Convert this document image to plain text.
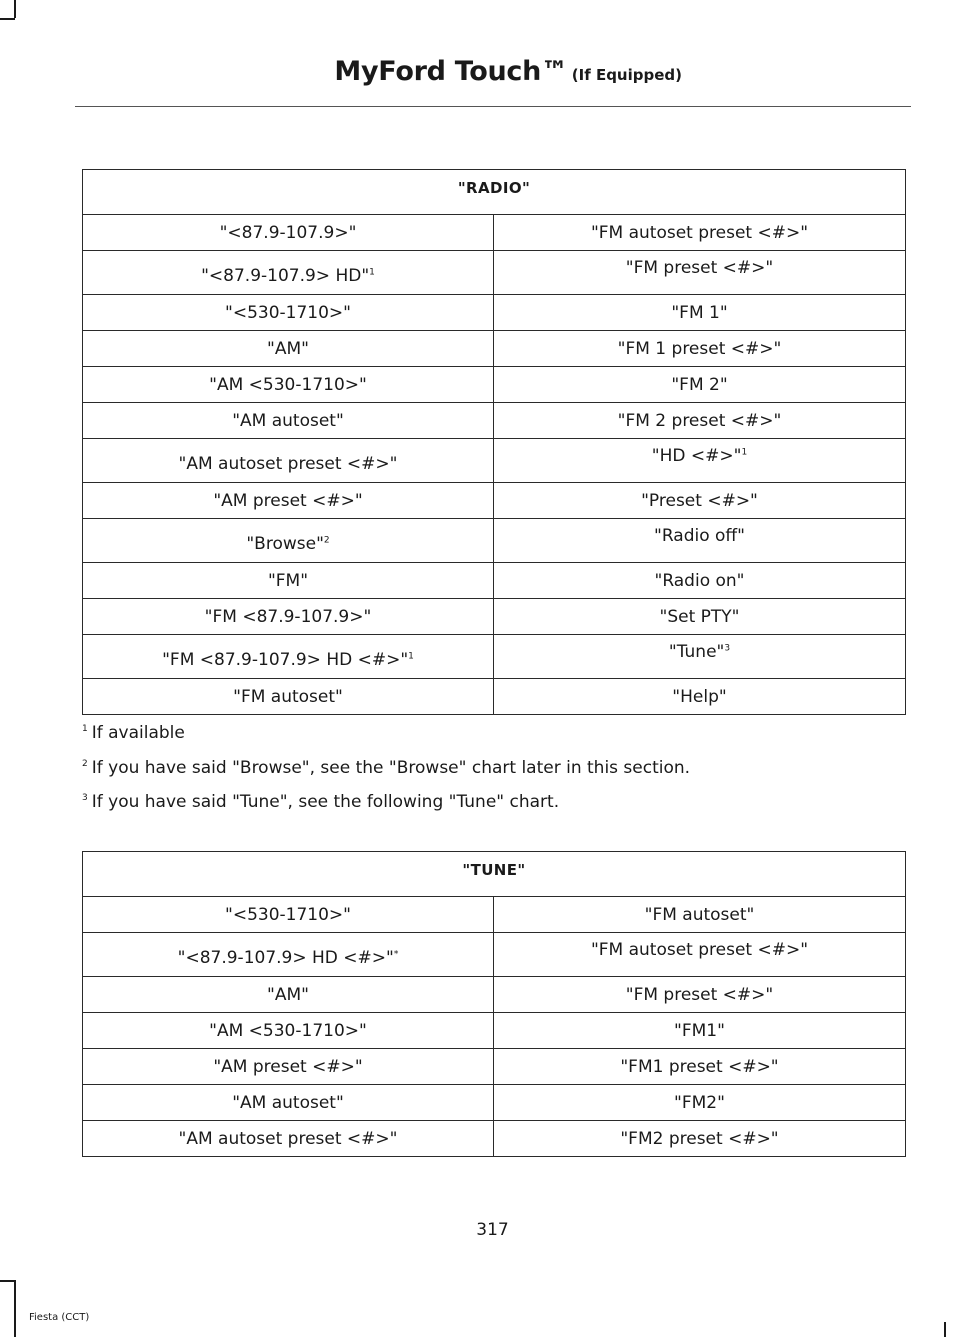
MyFord Touch™ (If Equipped)
"RADIO"	
"<87.9-107.9>"	"FM autoset preset <#>"
"<87.9-107.9> HD"$^1$	"FM preset <#>"
"<530-1710>"	"FM 1"
"AM"	"FM 1 preset <#>"
"AM <530-1710>"	"FM 2"
"AM autoset"	"FM 2 preset <#>"
"AM autoset preset <#>"	"HD <#>"$^1$
"AM preset <#>"	"Preset <#>"
"Browse"$^2$	"Radio off"
"FM"	"Radio on"
"FM <87.9-107.9>"	"Set PTY"
"FM <87.9-107.9> HD <#>"$^1$	"Tune"$^3$
"FM autoset"	"Help"
$^1$ If available
$^2$ If you have said "Browse", see the "Browse" chart later in this section.
$^3$ If you have said "Tune", see the following "Tune" chart.
"TUNE"	
"<530-1710>"	"FM autoset"
"<87.9-107.9> HD <#>"*	"FM autoset preset <#>"
"AM"	"FM preset <#>"
"AM <530-1710>"	"FM1"
"AM preset <#>"	"FM1 preset <#>"
"AM autoset"	"FM2"
"AM autoset preset <#>"	"FM2 preset <#>"
317
Fiesta (CCT)
